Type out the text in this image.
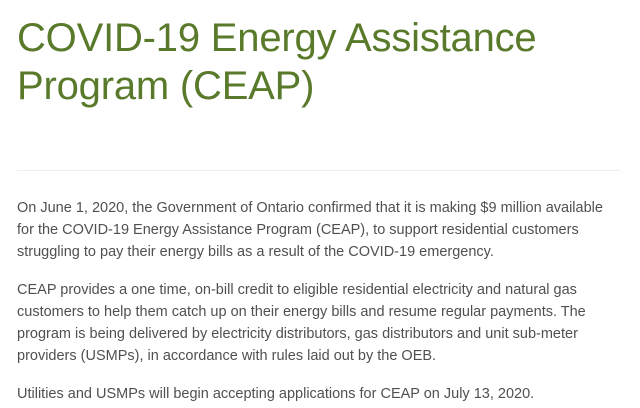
COVID-19 Energy Assistance Program (CEAP)

On June 1, 2020, the Government of Ontario confirmed that it is making $9 million available for the COVID-19 Energy Assistance Program (CEAP), to support residential customers struggling to pay their energy bills as a result of the COVID-19 emergency.

CEAP provides a one time, on-bill credit to eligible residential electricity and natural gas customers to help them catch up on their energy bills and resume regular payments. The program is being delivered by electricity distributors, gas distributors and unit sub-meter providers (USMPs), in accordance with rules laid out by the OEB.

Utilities and USMPs will begin accepting applications for CEAP on July 13, 2020.
